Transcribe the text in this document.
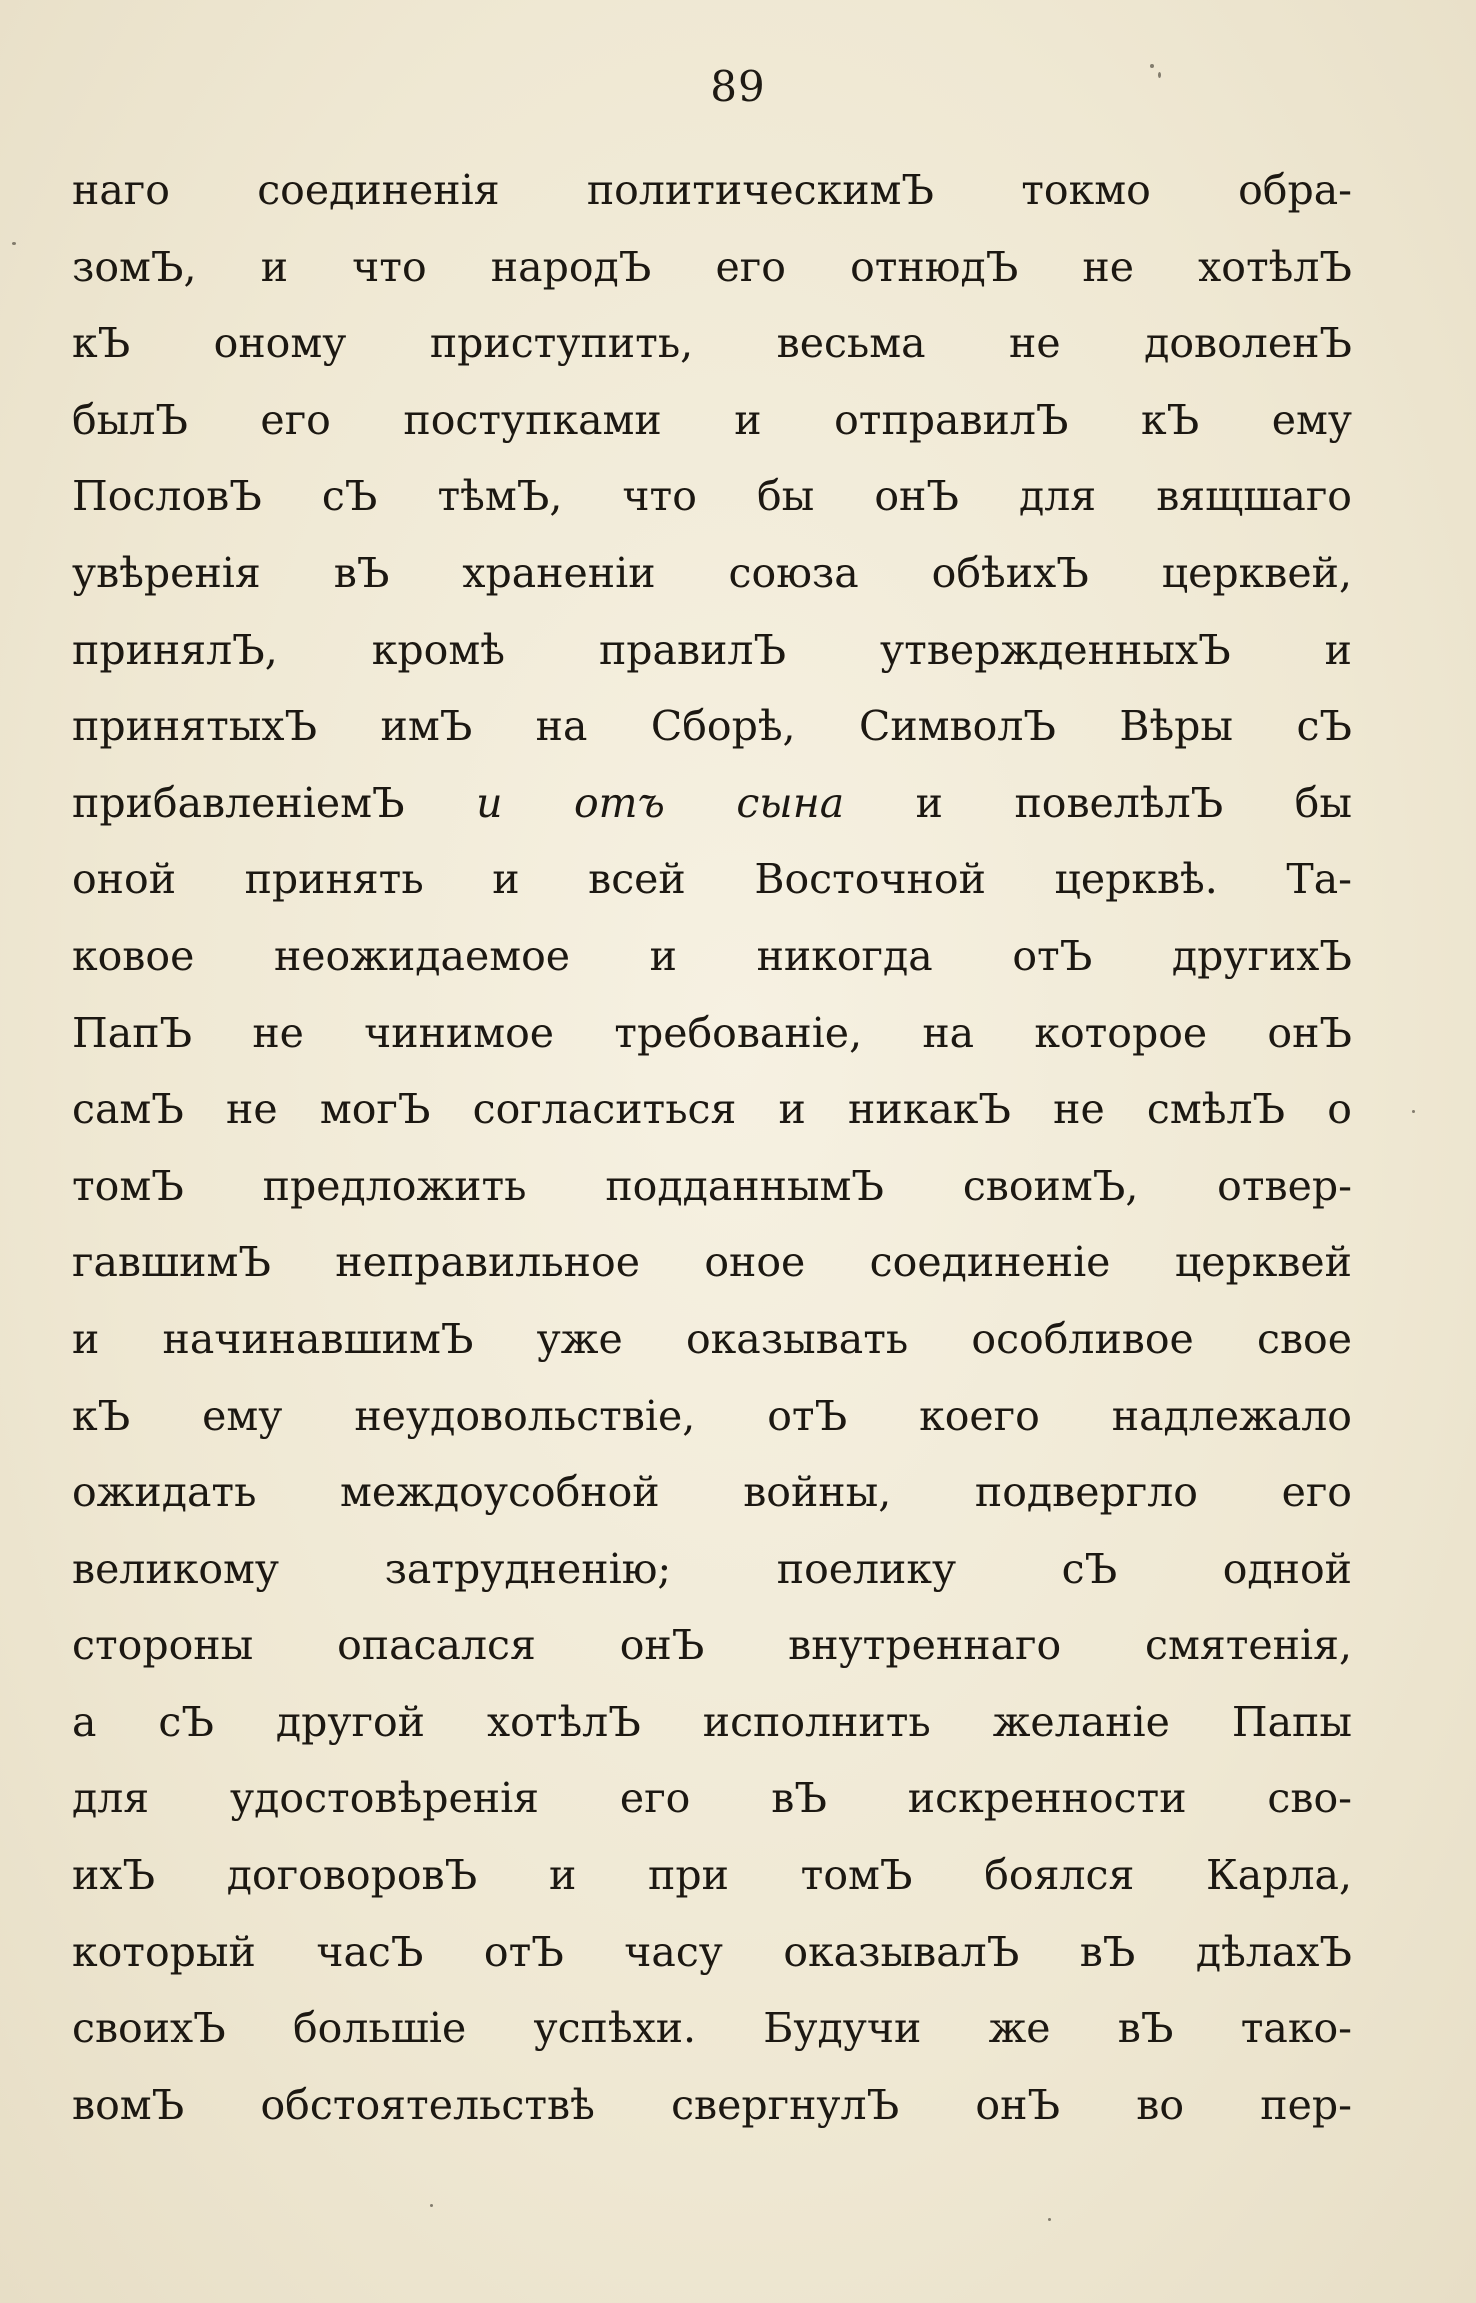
89
наго соединенія политическимЪ токмо обра-
зомЪ, и что народЪ его отнюдЪ не хотѣлЪ
кЪ оному приступить, весьма не доволенЪ
былЪ его поступками и отправилЪ кЪ ему
ПословЪ сЪ тѣмЪ, что бы онЪ для вящшаго
увѣренія вЪ храненіи союза обѣихЪ церквей,
принялЪ, кромѣ правилЪ утвержденныхЪ и
принятыхЪ имЪ на Сборѣ, СимволЪ Вѣры сЪ
прибавленіемЪ и отъ сына и повелѣлЪ бы
оной принять и всей Восточной церквѣ. Та-
ковое неожидаемое и никогда отЪ другихЪ
ПапЪ не чинимое требованіе, на которое онЪ
самЪ не могЪ согласиться и никакЪ не смѣлЪ о
томЪ предложить подданнымЪ своимЪ, отвер-
гавшимЪ неправильное оное соединеніе церквей
и начинавшимЪ уже оказывать особливое свое
кЪ ему неудовольствіе, отЪ коего надлежало
ожидать междоусобной войны, подвергло его
великому затрудненію; поелику сЪ одной
стороны опасался онЪ внутреннаго смятенія,
а сЪ другой хотѣлЪ исполнить желаніе Папы
для удостовѣренія его вЪ искренности сво-
ихЪ договоровЪ и при томЪ боялся Карла,
который часЪ отЪ часу оказывалЪ вЪ дѣлахЪ
своихЪ большіе успѣхи. Будучи же вЪ тако-
вомЪ обстоятельствѣ свергнулЪ онЪ во пер-
